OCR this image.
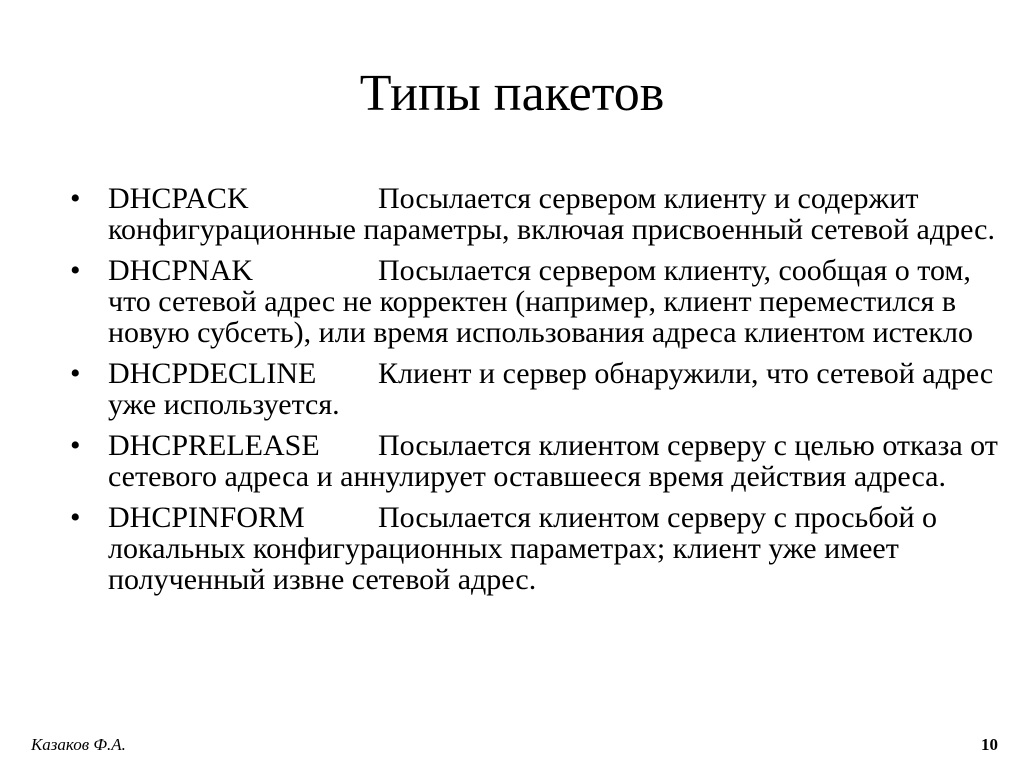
Типы пакетов
• DHCPACK	Посылается сервером клиенту и содержит конфигурационные параметры, включая присвоенный сетевой адрес.
• DHCPNAK	Посылается сервером клиенту, сообщая о том, что сетевой адрес не корректен (например, клиент переместился в новую субсеть), или время использования адреса клиентом истекло
• DHCPDECLINE Клиент и сервер обнаружили, что сетевой адрес уже используется.
• DHCPRELEASE Посылается клиентом серверу с целью отказа от сетевого адреса и аннулирует оставшееся время действия адреса.
• DHCPINFORM Посылается клиентом серверу с просьбой о локальных конфигурационных параметрах; клиент уже имеет полученный извне сетевой адрес.
Казаков Ф.А.	10
